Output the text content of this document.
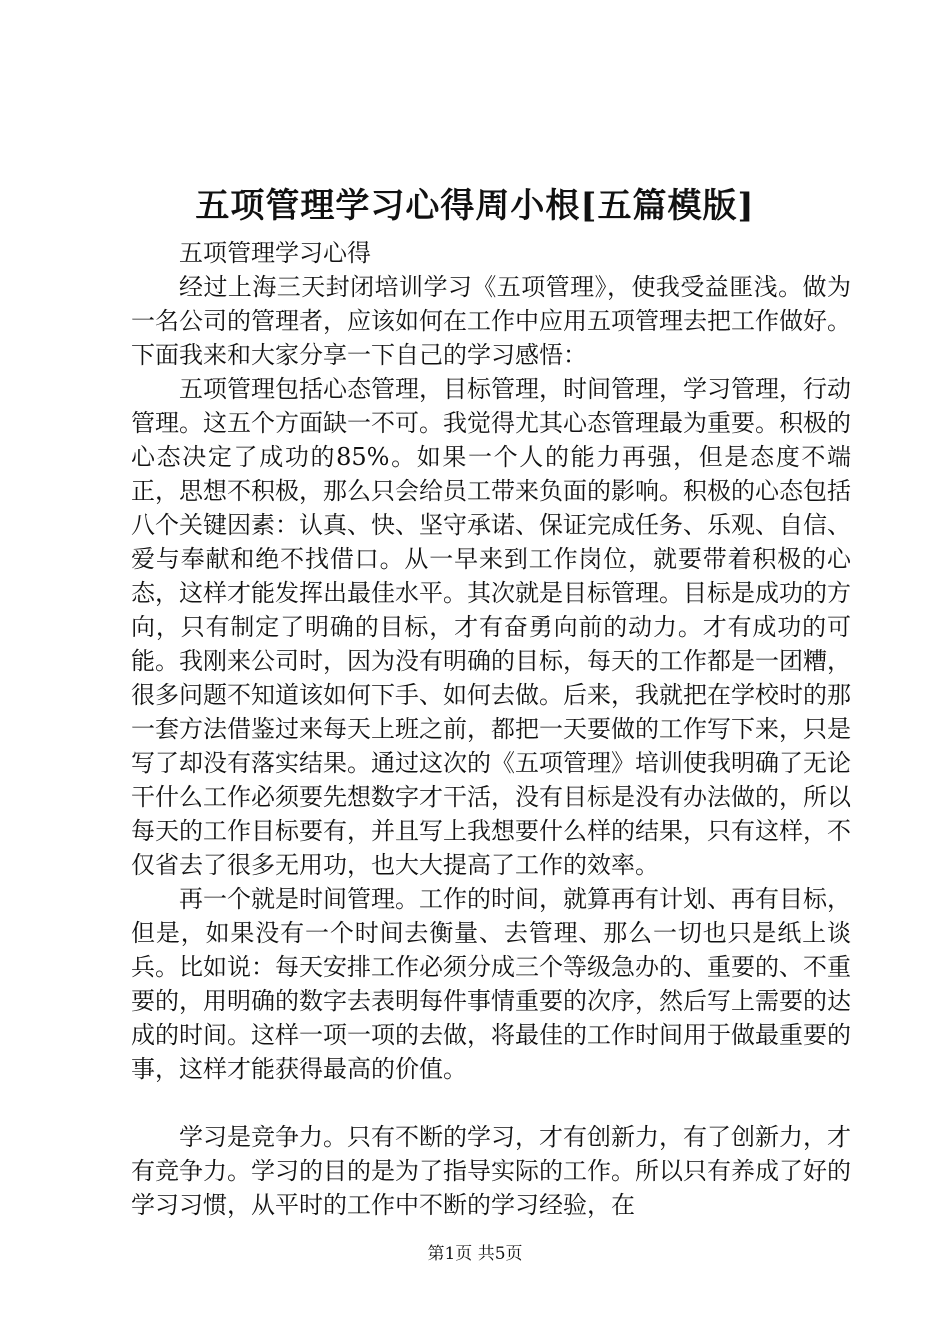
五项管理学习心得周小根[五篇模版]

五项管理学习心得

经过上海三天封闭培训学习《五项管理》，使我受益匪浅。做为一名公司的管理者，应该如何在工作中应用五项管理去把工作做好。下面我来和大家分享一下自己的学习感悟：

五项管理包括心态管理，目标管理，时间管理，学习管理，行动管理。这五个方面缺一不可。我觉得尤其心态管理最为重要。积极的心态决定了成功的85%。如果一个人的能力再强，但是态度不端正，思想不积极，那么只会给员工带来负面的影响。积极的心态包括八个关键因素：认真、快、坚守承诺、保证完成任务、乐观、自信、爱与奉献和绝不找借口。从一早来到工作岗位，就要带着积极的心态，这样才能发挥出最佳水平。其次就是目标管理。目标是成功的方向，只有制定了明确的目标，才有奋勇向前的动力。才有成功的可能。我刚来公司时，因为没有明确的目标，每天的工作都是一团糟，很多问题不知道该如何下手、如何去做。后来，我就把在学校时的那一套方法借鉴过来每天上班之前，都把一天要做的工作写下来，只是写了却没有落实结果。通过这次的《五项管理》培训使我明确了无论干什么工作必须要先想数字才干活，没有目标是没有办法做的，所以每天的工作目标要有，并且写上我想要什么样的结果，只有这样，不仅省去了很多无用功，也大大提高了工作的效率。

再一个就是时间管理。工作的时间，就算再有计划、再有目标，但是，如果没有一个时间去衡量、去管理、那么一切也只是纸上谈兵。比如说：每天安排工作必须分成三个等级急办的、重要的、不重要的，用明确的数字去表明每件事情重要的次序，然后写上需要的达成的时间。这样一项一项的去做，将最佳的工作时间用于做最重要的事，这样才能获得最高的价值。

学习是竞争力。只有不断的学习，才有创新力，有了创新力，才有竞争力。学习的目的是为了指导实际的工作。所以只有养成了好的学习习惯，从平时的工作中不断的学习经验，在

第1页 共5页
